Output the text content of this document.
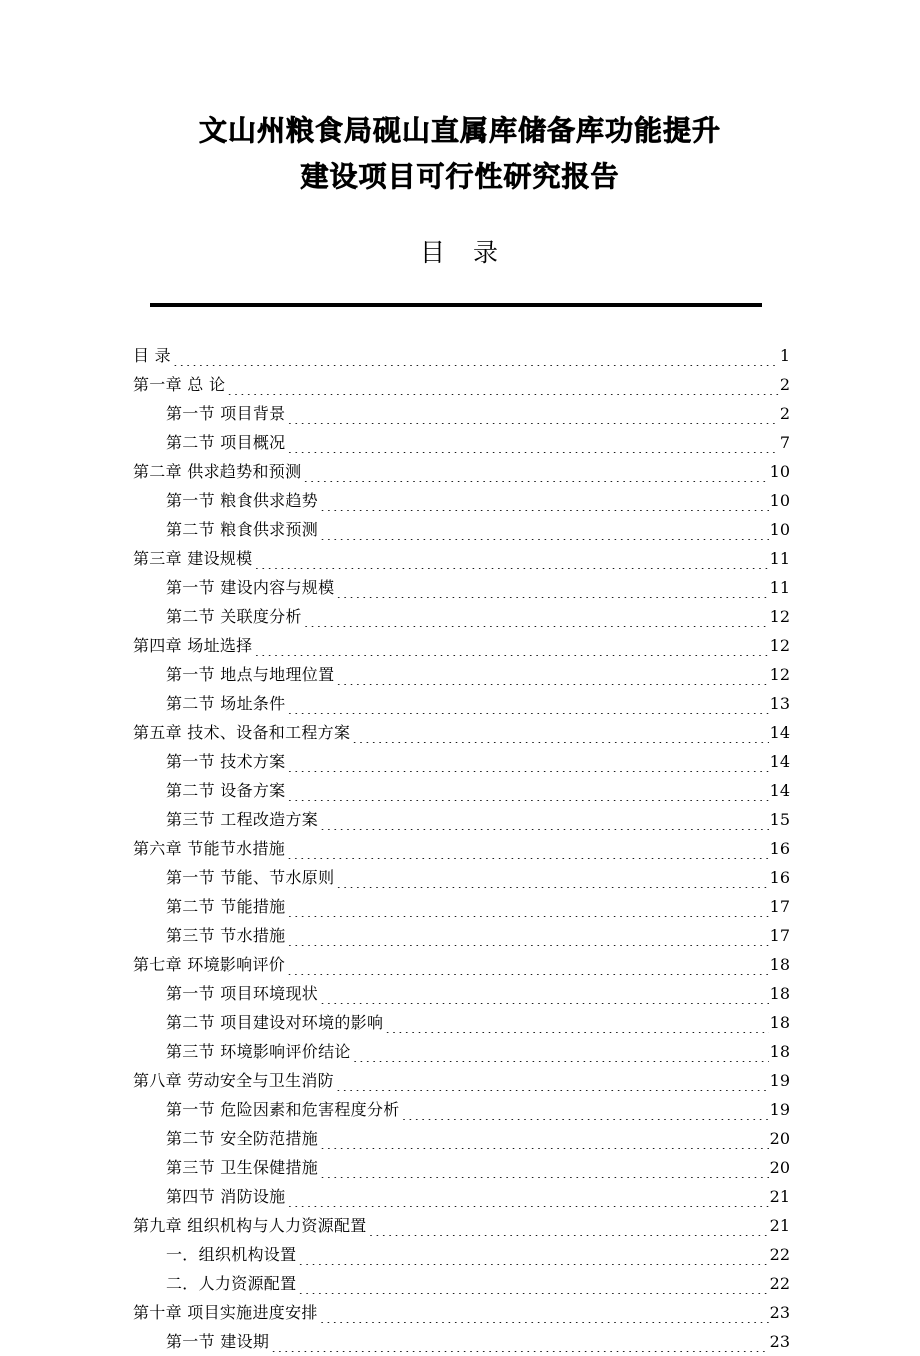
文山州粮食局砚山直属库储备库功能提升
建设项目可行性研究报告
目 录
目 录 .....	1
第一章 总 论 .....	2
第一节 项目背景 .....	2
第二节 项目概况 .....	7
第二章 供求趋势和预测 .....	10
第一节 粮食供求趋势 .....	10
第二节 粮食供求预测 .....	10
第三章 建设规模 .....	11
第一节 建设内容与规模 .....	11
第二节 关联度分析 .....	12
第四章 场址选择 .....	12
第一节 地点与地理位置 .....	12
第二节 场址条件 .....	13
第五章 技术、设备和工程方案 .....	14
第一节 技术方案 .....	14
第二节 设备方案 .....	14
第三节 工程改造方案 .....	15
第六章 节能节水措施 .....	16
第一节 节能、节水原则 .....	16
第二节 节能措施 .....	17
第三节 节水措施 .....	17
第七章 环境影响评价 .....	18
第一节 项目环境现状 .....	18
第二节 项目建设对环境的影响 .....	18
第三节 环境影响评价结论 .....	18
第八章 劳动安全与卫生消防 .....	19
第一节 危险因素和危害程度分析 .....	19
第二节 安全防范措施 .....	20
第三节 卫生保健措施 .....	20
第四节 消防设施 .....	21
第九章 组织机构与人力资源配置 .....	21
一．组织机构设置 .....	22
二．人力资源配置 .....	22
第十章 项目实施进度安排 .....	23
第一节 建设期 .....	23
